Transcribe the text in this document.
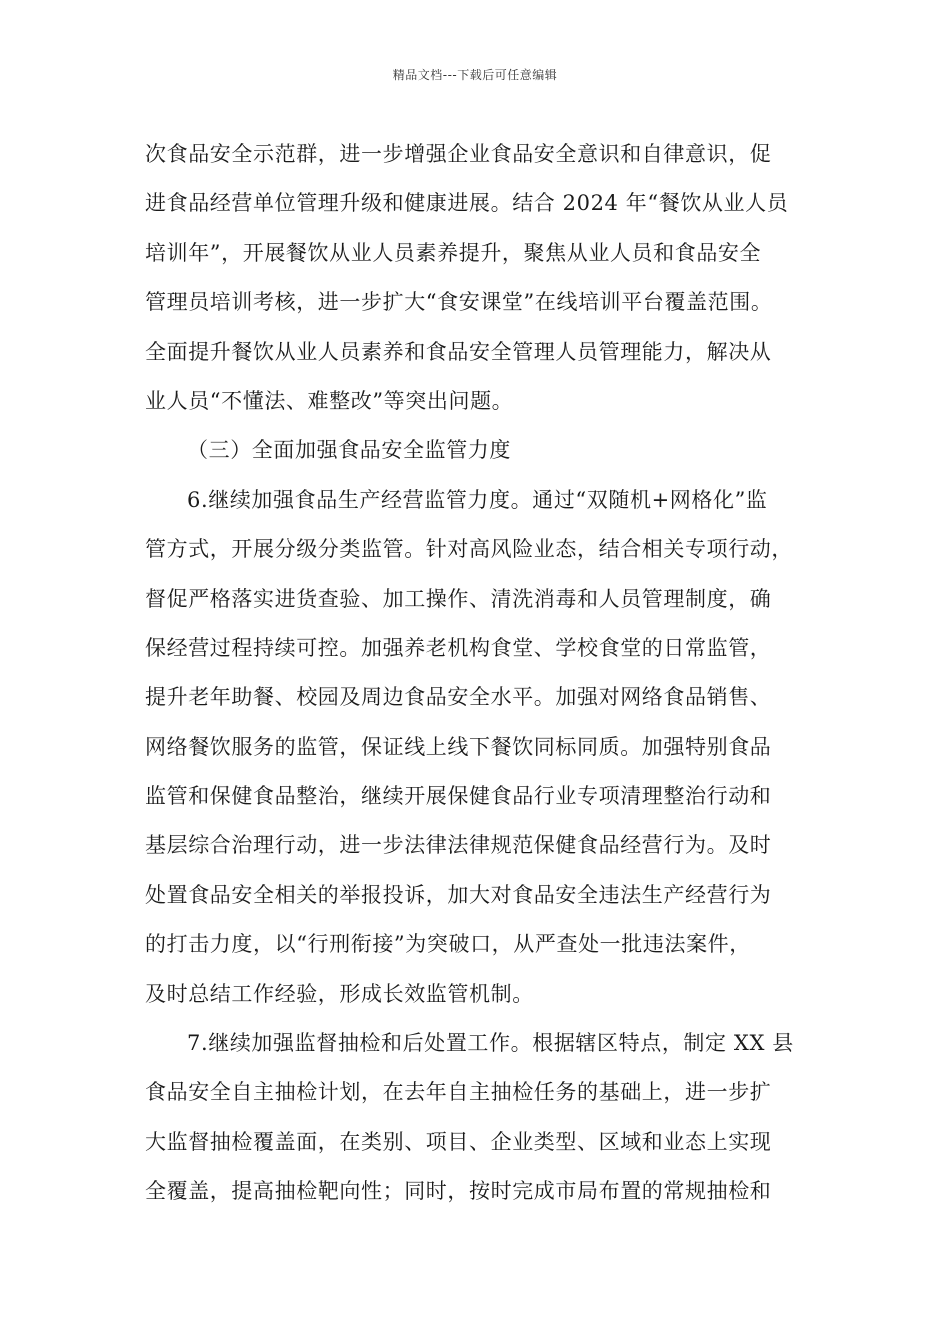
精品文档---下载后可任意编辑
次食品安全示范群，进一步增强企业食品安全意识和自律意识，促
进食品经营单位管理升级和健康进展。结合 2024 年“餐饮从业人员
培训年”，开展餐饮从业人员素养提升，聚焦从业人员和食品安全
管理员培训考核，进一步扩大“食安课堂”在线培训平台覆盖范围。
全面提升餐饮从业人员素养和食品安全管理人员管理能力，解决从
业人员“不懂法、难整改”等突出问题。
（三）全面加强食品安全监管力度
6.继续加强食品生产经营监管力度。通过“双随机+网格化”监
管方式，开展分级分类监管。针对高风险业态，结合相关专项行动，
督促严格落实进货查验、加工操作、清洗消毒和人员管理制度，确
保经营过程持续可控。加强养老机构食堂、学校食堂的日常监管，
提升老年助餐、校园及周边食品安全水平。加强对网络食品销售、
网络餐饮服务的监管，保证线上线下餐饮同标同质。加强特别食品
监管和保健食品整治，继续开展保健食品行业专项清理整治行动和
基层综合治理行动，进一步法律法律规范保健食品经营行为。及时
处置食品安全相关的举报投诉，加大对食品安全违法生产经营行为
的打击力度，以“行刑衔接”为突破口，从严查处一批违法案件，
及时总结工作经验，形成长效监管机制。
7.继续加强监督抽检和后处置工作。根据辖区特点，制定 XX 县
食品安全自主抽检计划，在去年自主抽检任务的基础上，进一步扩
大监督抽检覆盖面，在类别、项目、企业类型、区域和业态上实现
全覆盖，提高抽检靶向性；同时，按时完成市局布置的常规抽检和
